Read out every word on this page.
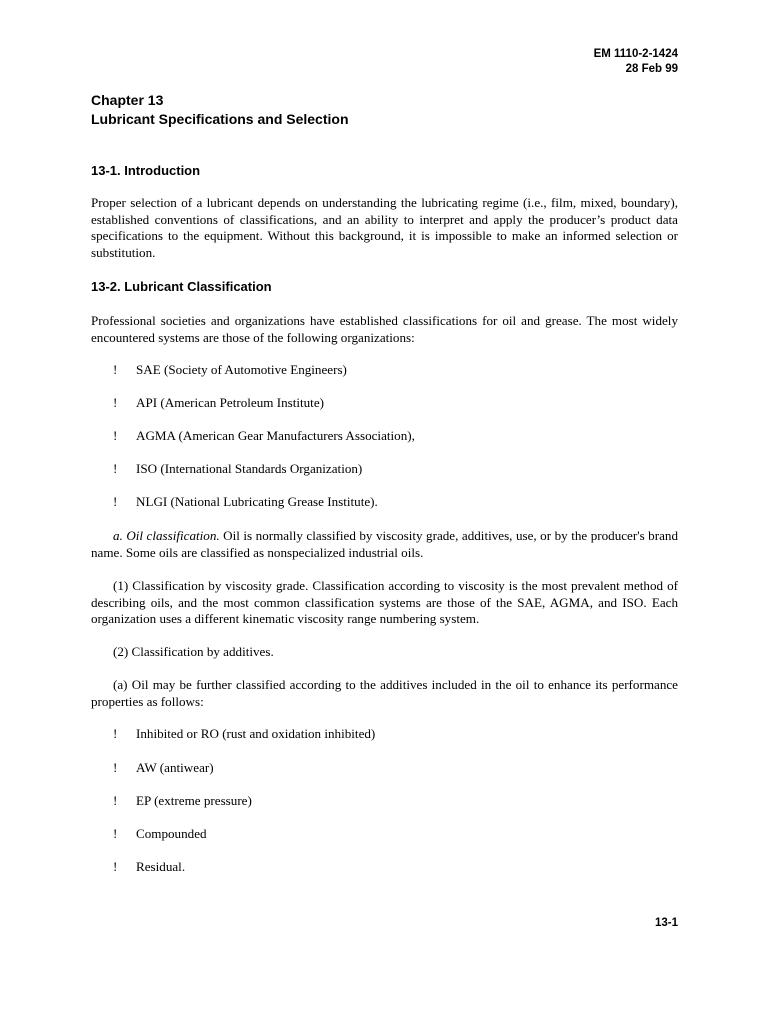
EM 1110-2-1424
28 Feb 99
Chapter 13
Lubricant Specifications and Selection
13-1. Introduction

Proper selection of a lubricant depends on understanding the lubricating regime (i.e., film, mixed, boundary), established conventions of classifications, and an ability to interpret and apply the producer’s product data specifications to the equipment. Without this background, it is impossible to make an informed selection or substitution.

13-2. Lubricant Classification

Professional societies and organizations have established classifications for oil and grease. The most widely encountered systems are those of the following organizations:

! SAE (Society of Automotive Engineers)
! API (American Petroleum Institute)
! AGMA (American Gear Manufacturers Association),
! ISO (International Standards Organization)
! NLGI (National Lubricating Grease Institute).

a. Oil classification. Oil is normally classified by viscosity grade, additives, use, or by the producer's brand name. Some oils are classified as nonspecialized industrial oils.

(1) Classification by viscosity grade. Classification according to viscosity is the most prevalent method of describing oils, and the most common classification systems are those of the SAE, AGMA, and ISO. Each organization uses a different kinematic viscosity range numbering system.

(2) Classification by additives.

(a) Oil may be further classified according to the additives included in the oil to enhance its performance properties as follows:

! Inhibited or RO (rust and oxidation inhibited)
! AW (antiwear)
! EP (extreme pressure)
! Compounded
! Residual.
13-1
